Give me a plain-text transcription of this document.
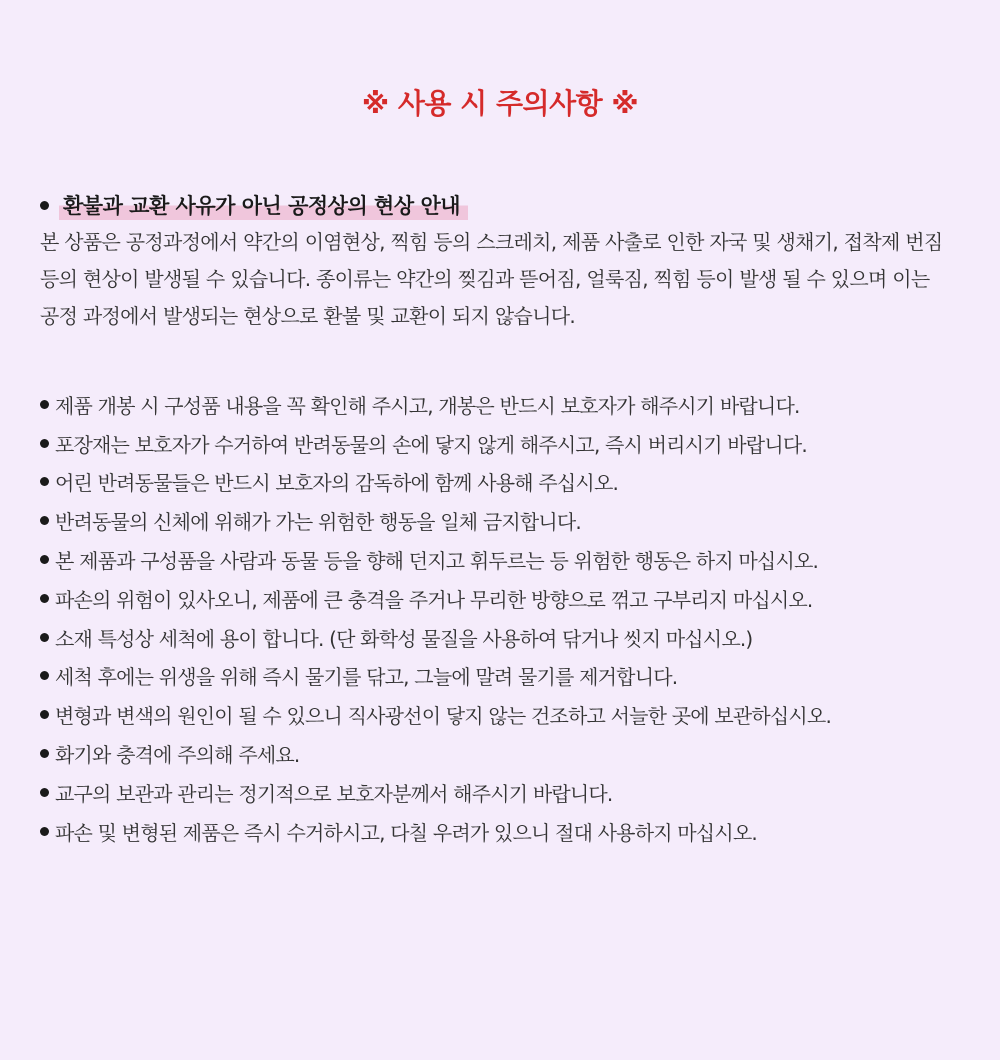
※ 사용 시 주의사항 ※
환불과 교환 사유가 아닌 공정상의 현상 안내

본 상품은 공정과정에서 약간의 이염현상, 찍힘 등의 스크레치, 제품 사출로 인한 자국 및 생채기, 접착제 번짐 등의 현상이 발생될 수 있습니다. 종이류는 약간의 찢김과 뜯어짐, 얼룩짐, 찍힘 등이 발생 될 수 있으며 이는 공정 과정에서 발생되는 현상으로 환불 및 교환이 되지 않습니다.

제품 개봉 시 구성품 내용을 꼭 확인해 주시고, 개봉은 반드시 보호자가 해주시기 바랍니다.
포장재는 보호자가 수거하여 반려동물의 손에 닿지 않게 해주시고, 즉시 버리시기 바랍니다.
어린 반려동물들은 반드시 보호자의 감독하에 함께 사용해 주십시오.
반려동물의 신체에 위해가 가는 위험한 행동을 일체 금지합니다.
본 제품과 구성품을 사람과 동물 등을 향해 던지고 휘두르는 등 위험한 행동은 하지 마십시오.
파손의 위험이 있사오니, 제품에 큰 충격을 주거나 무리한 방향으로 꺾고 구부리지 마십시오.
소재 특성상 세척에 용이 합니다. (단 화학성 물질을 사용하여 닦거나 씻지 마십시오.)
세척 후에는 위생을 위해 즉시 물기를 닦고, 그늘에 말려 물기를 제거합니다.
변형과 변색의 원인이 될 수 있으니 직사광선이 닿지 않는 건조하고 서늘한 곳에 보관하십시오.
화기와 충격에 주의해 주세요.
교구의 보관과 관리는 정기적으로 보호자분께서 해주시기 바랍니다.
파손 및 변형된 제품은 즉시 수거하시고, 다칠 우려가 있으니 절대 사용하지 마십시오.
